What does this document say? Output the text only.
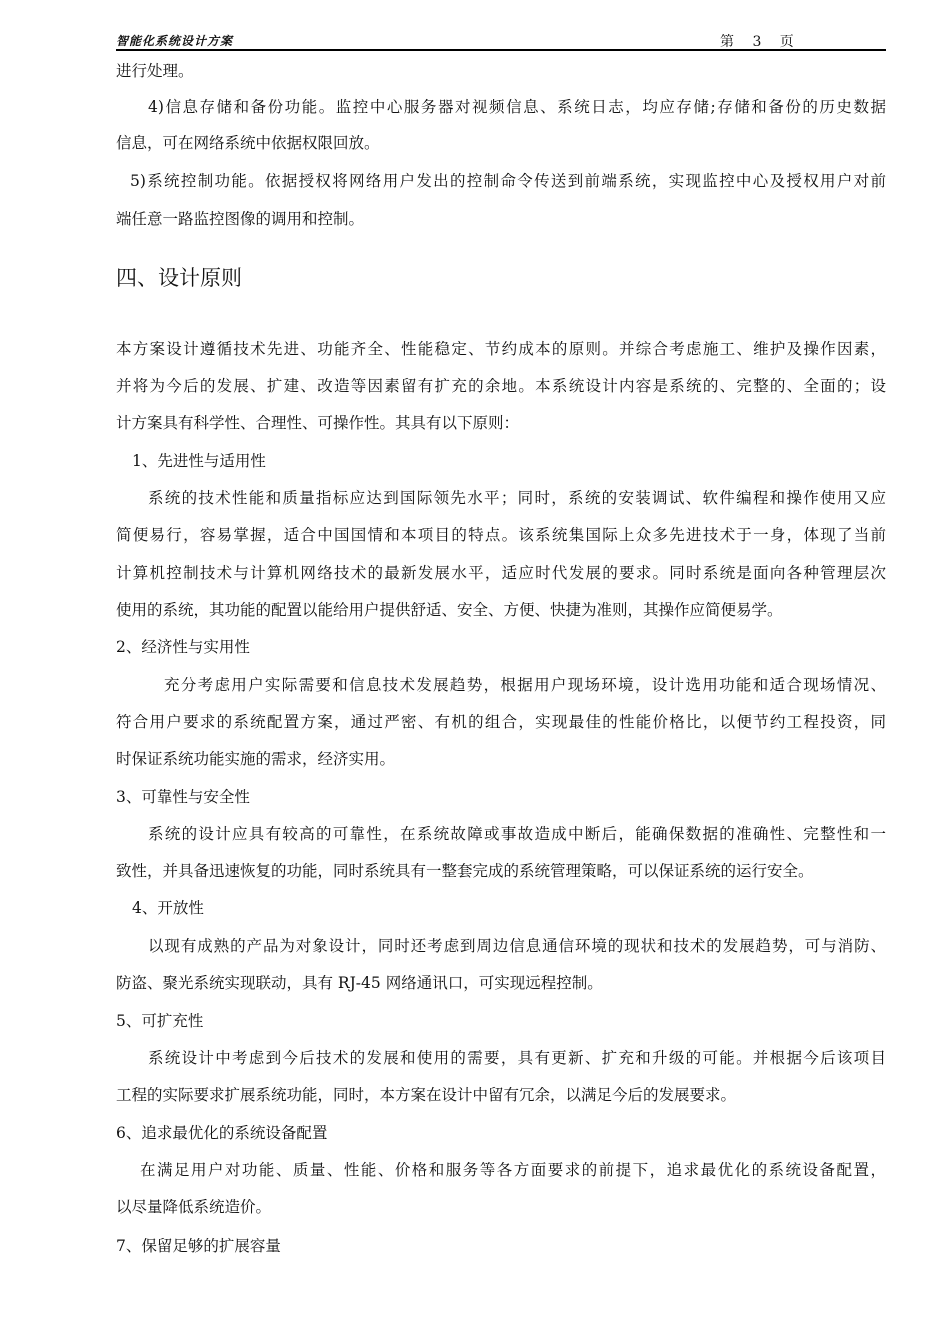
智能化系统设计方案	第 3 页
进行处理。
4)信息存储和备份功能。监控中心服务器对视频信息、系统日志，均应存储;存储和备份的历史数据
信息，可在网络系统中依据权限回放。
5)系统控制功能。依据授权将网络用户发出的控制命令传送到前端系统，实现监控中心及授权用户对前
端任意一路监控图像的调用和控制。
四、设计原则
本方案设计遵循技术先进、功能齐全、性能稳定、节约成本的原则。并综合考虑施工、维护及操作因素，
并将为今后的发展、扩建、改造等因素留有扩充的余地。本系统设计内容是系统的、完整的、全面的；设
计方案具有科学性、合理性、可操作性。其具有以下原则：
1、先进性与适用性
系统的技术性能和质量指标应达到国际领先水平；同时，系统的安装调试、软件编程和操作使用又应
简便易行，容易掌握，适合中国国情和本项目的特点。该系统集国际上众多先进技术于一身，体现了当前
计算机控制技术与计算机网络技术的最新发展水平，适应时代发展的要求。同时系统是面向各种管理层次
使用的系统，其功能的配置以能给用户提供舒适、安全、方便、快捷为准则，其操作应简便易学。
2、经济性与实用性
充分考虑用户实际需要和信息技术发展趋势，根据用户现场环境，设计选用功能和适合现场情况、
符合用户要求的系统配置方案，通过严密、有机的组合，实现最佳的性能价格比，以便节约工程投资，同
时保证系统功能实施的需求，经济实用。
3、可靠性与安全性
系统的设计应具有较高的可靠性，在系统故障或事故造成中断后，能确保数据的准确性、完整性和一
致性，并具备迅速恢复的功能，同时系统具有一整套完成的系统管理策略，可以保证系统的运行安全。
4、开放性
以现有成熟的产品为对象设计，同时还考虑到周边信息通信环境的现状和技术的发展趋势，可与消防、
防盗、聚光系统实现联动，具有 RJ-45 网络通讯口，可实现远程控制。
5、可扩充性
系统设计中考虑到今后技术的发展和使用的需要，具有更新、扩充和升级的可能。并根据今后该项目
工程的实际要求扩展系统功能，同时，本方案在设计中留有冗余，以满足今后的发展要求。
6、追求最优化的系统设备配置
在满足用户对功能、质量、性能、价格和服务等各方面要求的前提下，追求最优化的系统设备配置，
以尽量降低系统造价。
7、保留足够的扩展容量
